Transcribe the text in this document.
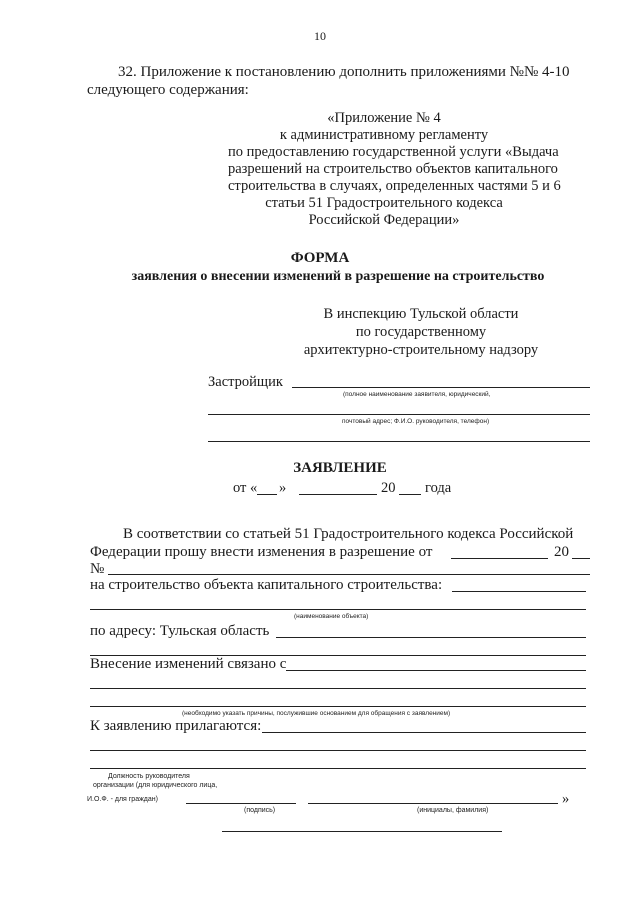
10
32. Приложение к постановлению дополнить приложениями №№ 4-10
следующего содержания:
«Приложение № 4
к административному регламенту
по предоставлению государственной услуги «Выдача
разрешений на строительство объектов капитального
строительства в случаях, определенных частями 5 и 6
статьи 51 Градостроительного кодекса
Российской Федерации»
ФОРМА
заявления о внесении изменений в разрешение на строительство
В инспекцию Тульской области
по государственному
архитектурно-строительному надзору
Застройщик
(полное наименование заявителя, юридический,
почтовый адрес; Ф.И.О. руководителя, телефон)
ЗАЯВЛЕНИЕ
от « »	20 года
В соответствии со статьей 51 Градостроительного кодекса Российской
Федерации прошу внести изменения в разрешение от	20
№
на строительство объекта капитального строительства:
(наименование объекта)
по адресу: Тульская область
Внесение изменений связано с
(необходимо указать причины, послужившие основанием для обращения с заявлением)
К заявлению прилагаются:
Должность руководителя
организации (для юридического лица,
И.О.Ф. - для граждан)	»
(подпись)	(инициалы, фамилия)
